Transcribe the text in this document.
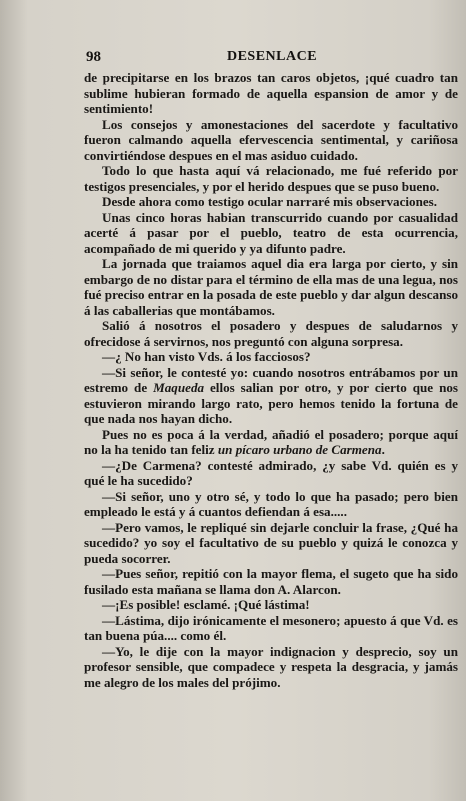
98	DESENLACE

de precipitarse en los brazos tan caros objetos, ¡qué cuadro tan sublime hubieran formado de aquella espansion de amor y de sentimiento!

Los consejos y amonestaciones del sacerdote y facultativo fueron calmando aquella efervescencia sentimental, y cariñosa convirtiéndose despues en el mas asiduo cuidado.

Todo lo que hasta aquí vá relacionado, me fué referido por testigos presenciales, y por el herido despues que se puso bueno.

Desde ahora como testigo ocular narraré mis observaciones.

Unas cinco horas habian transcurrido cuando por casualidad acerté á pasar por el pueblo, teatro de esta ocurrencia, acompañado de mi querido y ya difunto padre.

La jornada que traiamos aquel dia era larga por cierto, y sin embargo de no distar para el término de ella mas de una legua, nos fué preciso entrar en la posada de este pueblo y dar algun descanso á las caballerias que montábamos.

Salió á nosotros el posadero y despues de saludarnos y ofrecidose á servirnos, nos preguntó con alguna sorpresa.

—¿ No han visto Vds. á los facciosos?

—Si señor, le contesté yo: cuando nosotros entrábamos por un estremo de Maqueda ellos salian por otro, y por cierto que nos estuvieron mirando largo rato, pero hemos tenido la fortuna de que nada nos hayan dicho.

Pues no es poca á la verdad, añadió el posadero; porque aquí no la ha tenido tan feliz un pícaro urbano de Carmena.

—¿De Carmena? contesté admirado, ¿y sabe Vd. quién es y qué le ha sucedido?

—Si señor, uno y otro sé, y todo lo que ha pasado; pero bien empleado le está y á cuantos defiendan á esa.....

—Pero vamos, le repliqué sin dejarle concluir la frase, ¿Qué ha sucedido? yo soy el facultativo de su pueblo y quizá le conozca y pueda socorrer.

—Pues señor, repitió con la mayor flema, el sugeto que ha sido fusilado esta mañana se llama don A. Alarcon.

—¡Es posible! esclamé. ¡Qué lástima!

—Lástima, dijo irónicamente el mesonero; apuesto á que Vd. es tan buena púa.... como él.

—Yo, le dije con la mayor indignacion y desprecio, soy un profesor sensible, que compadece y respeta la desgracia, y jamás me alegro de los males del prójimo.
